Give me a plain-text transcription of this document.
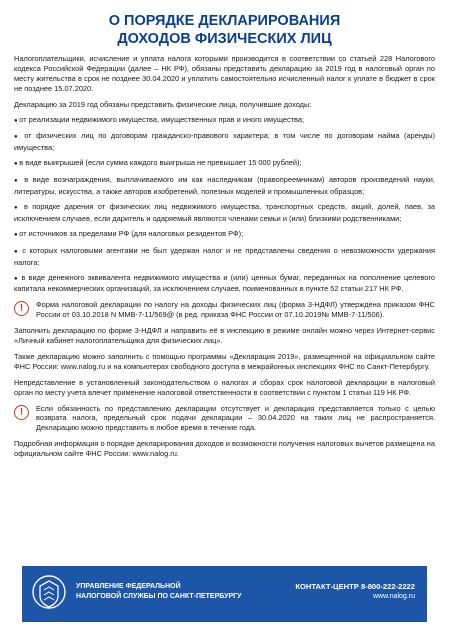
О ПОРЯДКЕ ДЕКЛАРИРОВАНИЯ
ДОХОДОВ ФИЗИЧЕСКИХ ЛИЦ

Налогоплательщики, исчисление и уплата налога которыми производится в соответствии со статьей 228 Налогового кодекса Российской Федерации (далее – НК РФ), обязаны представить декларацию за 2019 год в налоговый орган по месту жительства в срок не позднее 30.04.2020 и уплатить самостоятельно исчисленный налог к уплате в бюджет в срок не позднее 15.07.2020.

Декларацию за 2019 год обязаны представить физические лица, получившие доходы:

● от реализации недвижимого имущества, имущественных прав и иного имущества;

● от физических лиц по договорам гражданско-правового характера; в том числе по договорам найма (аренды) имущества;

● в виде выигрышей (если сумма каждого выигрыша не превышает 15 000 рублей);

● в виде вознаграждения, выплачиваемого им как наследникам (правопреемникам) авторов произведений науки, литературы, искусства, а также авторов изобретений, полезных моделей и промышленных образцов;

● в порядке дарения от физических лиц недвижимого имущества, транспортных средств, акций, долей, паев, за исключением случаев, если даритель и одаряемый являются членами семьи и (или) близкими родственниками;

● от источников за пределами РФ (для налоговых резидентов РФ);

● с которых налоговыми агентами не был удержан налог и не представлены сведения о невозможности удержания налога;

● в виде денежного эквивалента недвижимого имущества и (или) ценных бумаг, переданных на пополнение целевого капитала некоммерческих организаций, за исключением случаев, поименованных в пункте 52 статьи 217 НК РФ.

!	Форма налоговой декларации по налогу на доходы физических лиц (форма 3-НДФЛ) утверждена приказом ФНС России от 03.10.2018 N ММВ-7-11/569@ (в ред. приказа ФНС России от 07.10.2019№ ММВ-7-11/506).

Заполнить декларацию по форме 3-НДФЛ и направить её в инспекцию в режиме онлайн можно через Интернет-сервис «Личный кабинет налогоплательщика для физических лиц».

Также декларацию можно заполнить с помощью программы «Декларация 2019», размещенной на официальном сайте ФНС России: www.nalog.ru и на компьютерах свободного доступа в межрайонных инспекциях ФНС по Санкт-Петербургу.

Непредставление в установленный законодательством о налогах и сборах срок налоговой декларации в налоговый орган по месту учета влечет применение налоговой ответственности в соответствии с пунктом 1 статьи 119 НК РФ.

!	Если обязанность по представлению декларации отсутствует и декларация представляется только с целью возврата налога, предельный срок подачи декларации – 30.04.2020 на таких лиц не распространяется. Декларацию можно представить в любое время в течение года.

Подробная информация о порядке декларирования доходов и возможности получения налоговых вычетов размещена на официальном сайте ФНС России: www.nalog.ru.

УПРАВЛЕНИЕ ФЕДЕРАЛЬНОЙ
НАЛОГОВОЙ СЛУЖБЫ ПО САНКТ-ПЕТЕРБУРГУ
КОНТАКТ-ЦЕНТР 8-800-222-2222
www.nalog.ru
